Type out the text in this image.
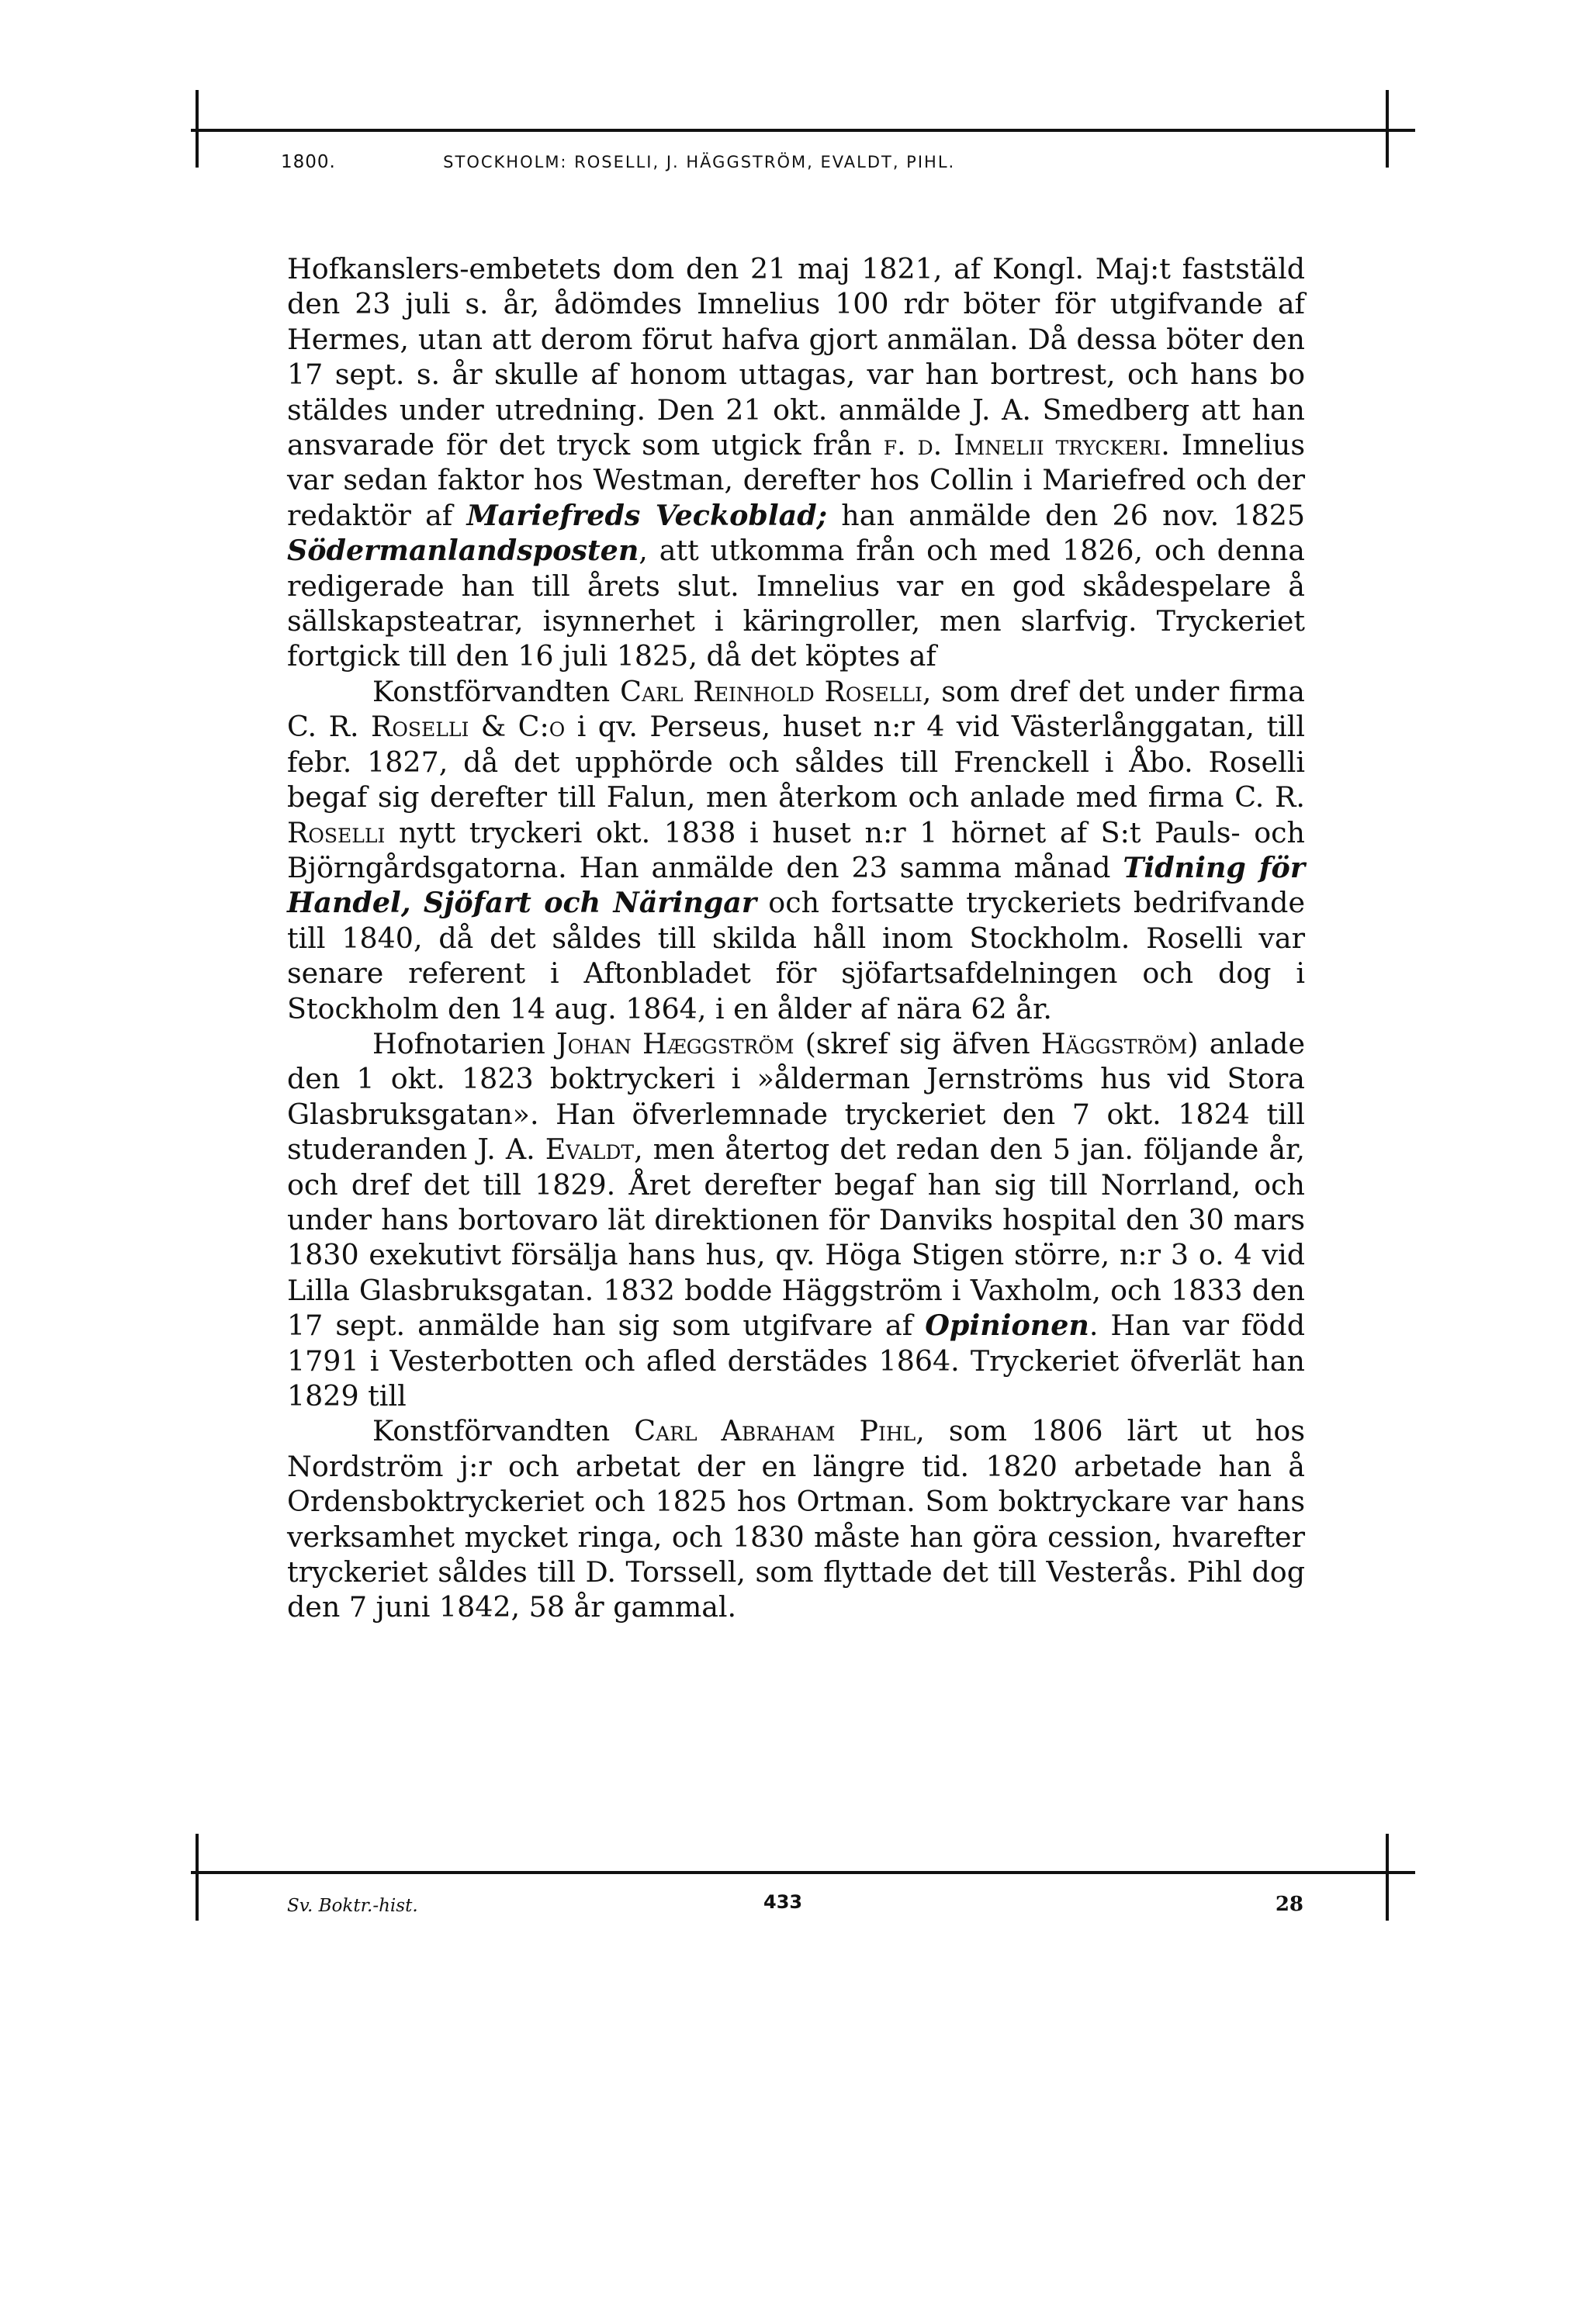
1800.	STOCKHOLM: ROSELLI, J. HÄGGSTRÖM, EVALDT, PIHL.

Hofkanslers-embetets dom den 21 maj 1821, af Kongl. Maj:t faststäld den 23 juli s. år, ådömdes Imnelius 100 rdr böter för utgifvande af Hermes, utan att derom förut hafva gjort anmälan. Då dessa böter den 17 sept. s. år skulle af honom uttagas, var han bortrest, och hans bo stäldes under utredning. Den 21 okt. anmälde J. A. Smedberg att han ansvarade för det tryck som utgick från f. d. Imnelii tryckeri. Imnelius var sedan faktor hos Westman, derefter hos Collin i Mariefred och der redaktör af Mariefreds Veckoblad; han anmälde den 26 nov. 1825 Södermanlandsposten, att utkomma från och med 1826, och denna redigerade han till årets slut. Imnelius var en god skådespelare å sällskapsteatrar, isynnerhet i käringroller, men slarfvig. Tryckeriet fortgick till den 16 juli 1825, då det köptes af

Konstförvandten Carl Reinhold Roselli, som dref det under firma C. R. Roselli & C:o i qv. Perseus, huset n:r 4 vid Västerlånggatan, till febr. 1827, då det upphörde och såldes till Frenckell i Åbo. Roselli begaf sig derefter till Falun, men återkom och anlade med firma C. R. Roselli nytt tryckeri okt. 1838 i huset n:r 1 hörnet af S:t Pauls- och Björngårdsgatorna. Han anmälde den 23 samma månad Tidning för Handel, Sjöfart och Näringar och fortsatte tryckeriets bedrifvande till 1840, då det såldes till skilda håll inom Stockholm. Roselli var senare referent i Aftonbladet för sjöfartsafdelningen och dog i Stockholm den 14 aug. 1864, i en ålder af nära 62 år.

Hofnotarien Johan Hæggström (skref sig äfven Häggström) anlade den 1 okt. 1823 boktryckeri i »ålderman Jernströms hus vid Stora Glasbruksgatan». Han öfverlemnade tryckeriet den 7 okt. 1824 till studeranden J. A. Evaldt, men återtog det redan den 5 jan. följande år, och dref det till 1829. Året derefter begaf han sig till Norrland, och under hans bortovaro lät direktionen för Danviks hospital den 30 mars 1830 exekutivt försälja hans hus, qv. Höga Stigen större, n:r 3 o. 4 vid Lilla Glasbruksgatan. 1832 bodde Häggström i Vaxholm, och 1833 den 17 sept. anmälde han sig som utgifvare af Opinionen. Han var född 1791 i Vesterbotten och afled derstädes 1864. Tryckeriet öfverlät han 1829 till

Konstförvandten Carl Abraham Pihl, som 1806 lärt ut hos Nordström j:r och arbetat der en längre tid. 1820 arbetade han å Ordensboktryckeriet och 1825 hos Ortman. Som boktryckare var hans verksamhet mycket ringa, och 1830 måste han göra cession, hvarefter tryckeriet såldes till D. Torssell, som flyttade det till Vesterås. Pihl dog den 7 juni 1842, 58 år gammal.

Sv. Boktr.-hist.	433	28
